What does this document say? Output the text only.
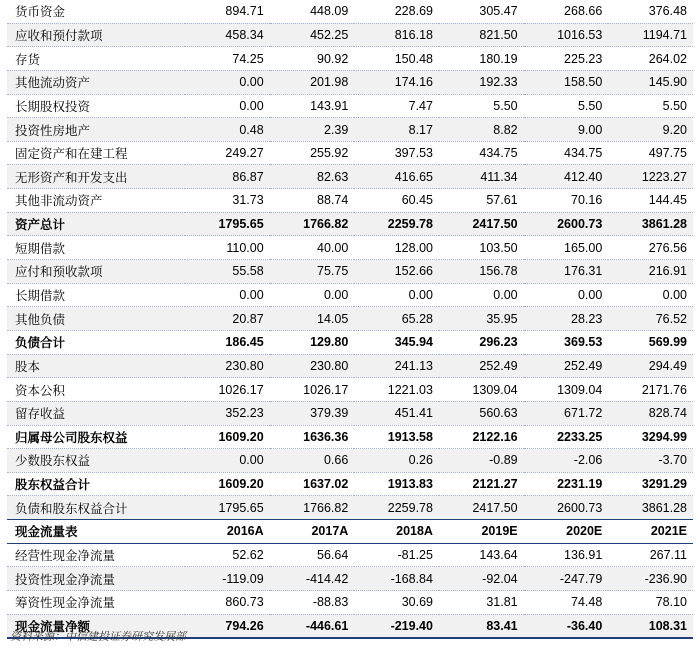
货币资金	894.71	448.09	228.69	305.47	268.66	376.48
应收和预付款项	458.34	452.25	816.18	821.50	1016.53	1194.71
存货	74.25	90.92	150.48	180.19	225.23	264.02
其他流动资产	0.00	201.98	174.16	192.33	158.50	145.90
长期股权投资	0.00	143.91	7.47	5.50	5.50	5.50
投资性房地产	0.48	2.39	8.17	8.82	9.00	9.20
固定资产和在建工程	249.27	255.92	397.53	434.75	434.75	497.75
无形资产和开发支出	86.87	82.63	416.65	411.34	412.40	1223.27
其他非流动资产	31.73	88.74	60.45	57.61	70.16	144.45
资产总计	1795.65	1766.82	2259.78	2417.50	2600.73	3861.28
短期借款	110.00	40.00	128.00	103.50	165.00	276.56
应付和预收款项	55.58	75.75	152.66	156.78	176.31	216.91
长期借款	0.00	0.00	0.00	0.00	0.00	0.00
其他负债	20.87	14.05	65.28	35.95	28.23	76.52
负债合计	186.45	129.80	345.94	296.23	369.53	569.99
股本	230.80	230.80	241.13	252.49	252.49	294.49
资本公积	1026.17	1026.17	1221.03	1309.04	1309.04	2171.76
留存收益	352.23	379.39	451.41	560.63	671.72	828.74
归属母公司股东权益	1609.20	1636.36	1913.58	2122.16	2233.25	3294.99
少数股东权益	0.00	0.66	0.26	-0.89	-2.06	-3.70
股东权益合计	1609.20	1637.02	1913.83	2121.27	2231.19	3291.29
负债和股东权益合计	1795.65	1766.82	2259.78	2417.50	2600.73	3861.28
现金流量表	2016A	2017A	2018A	2019E	2020E	2021E
经营性现金净流量	52.62	56.64	-81.25	143.64	136.91	267.11
投资性现金净流量	-119.09	-414.42	-168.84	-92.04	-247.79	-236.90
筹资性现金净流量	860.73	-88.83	30.69	31.81	74.48	78.10
现金流量净额	794.26	-446.61	-219.40	83.41	-36.40	108.31
资料来源：中信建投证券研究发展部
